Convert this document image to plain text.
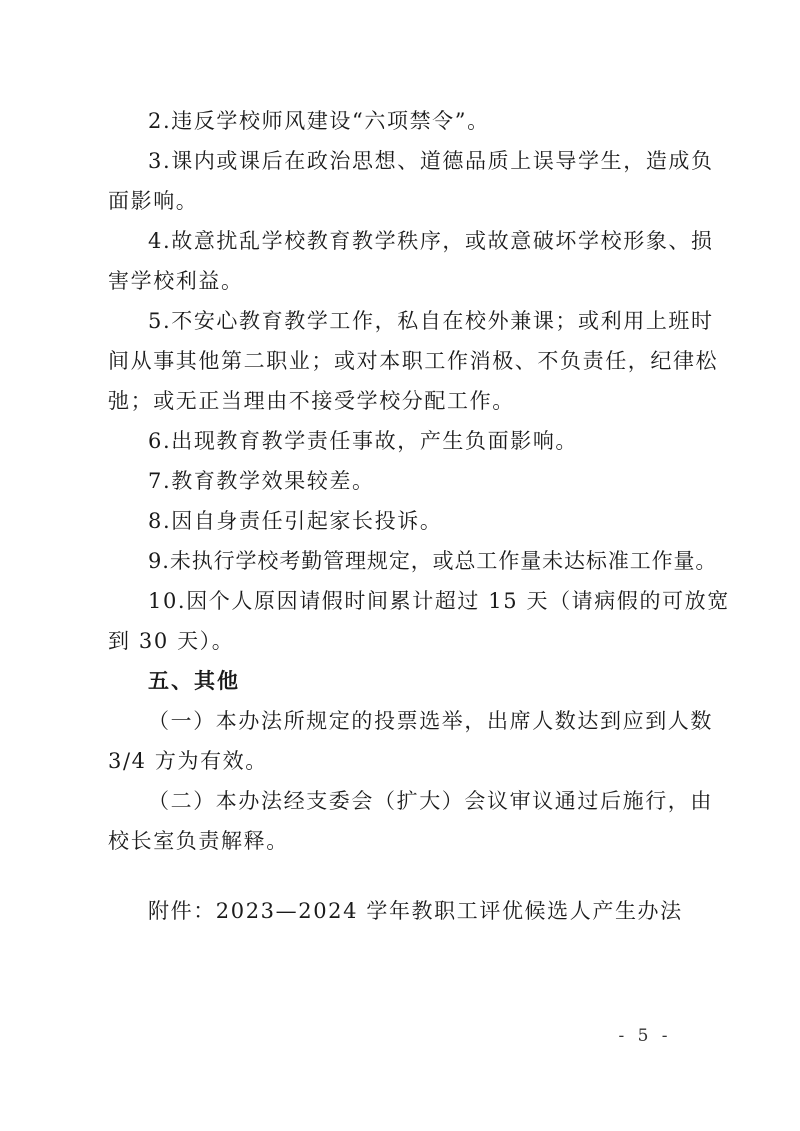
2.违反学校师风建设“六项禁令”。
3.课内或课后在政治思想、道德品质上误导学生，造成负
面影响。
4.故意扰乱学校教育教学秩序，或故意破坏学校形象、损
害学校利益。
5.不安心教育教学工作，私自在校外兼课；或利用上班时
间从事其他第二职业；或对本职工作消极、不负责任，纪律松
弛；或无正当理由不接受学校分配工作。
6.出现教育教学责任事故，产生负面影响。
7.教育教学效果较差。
8.因自身责任引起家长投诉。
9.未执行学校考勤管理规定，或总工作量未达标准工作量。
10.因个人原因请假时间累计超过 15 天（请病假的可放宽
到 30 天）。
五、其他
（一）本办法所规定的投票选举，出席人数达到应到人数
3/4 方为有效。
（二）本办法经支委会（扩大）会议审议通过后施行，由
校长室负责解释。
附件：2023—2024 学年教职工评优候选人产生办法
- 5 -
